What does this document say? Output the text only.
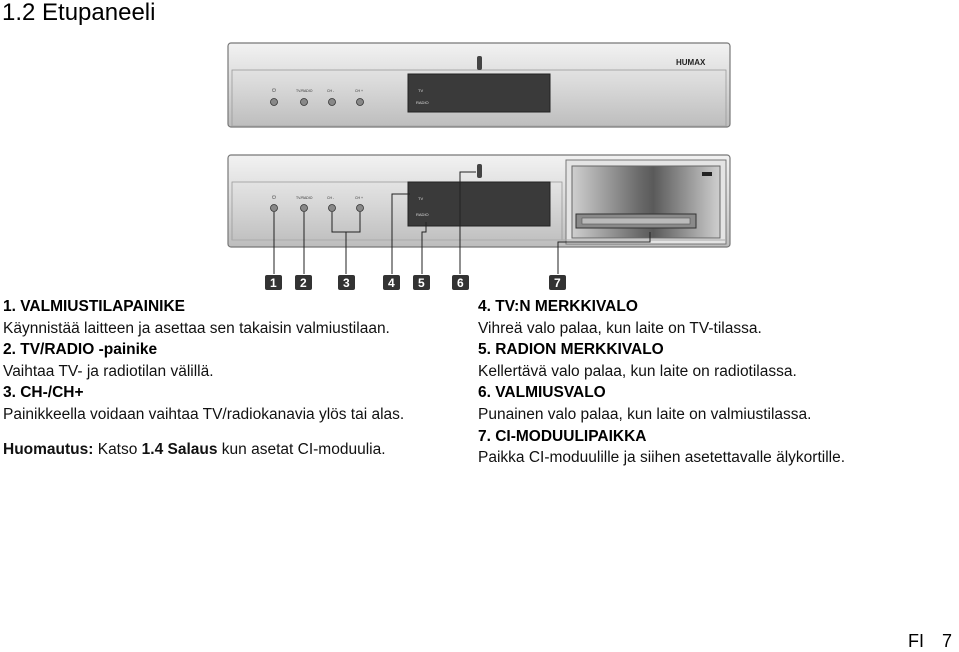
1.2 Etupaneeli
TV
RADIO
HUMAX
⏻	TV/RADIO	CH -	CH +
TV
RADIO
⏻	TV/RADIO	CH -	CH +
1 2	3	4 5	6	7
1. VALMIUSTILAPAINIKE
Käynnistää laitteen ja asettaa sen takaisin valmiustilaan.
2. TV/RADIO -painike
Vaihtaa TV- ja radiotilan välillä.
3. CH-/CH+
Painikkeella voidaan vaihtaa TV/radiokanavia ylös tai alas.
Huomautus: Katso 1.4 Salaus kun asetat CI-moduulia.
4. TV:N MERKKIVALO
Vihreä valo palaa, kun laite on TV-tilassa.
5. RADION MERKKIVALO
Kellertävä valo palaa, kun laite on radiotilassa.
6. VALMIUSVALO
Punainen valo palaa, kun laite on valmiustilassa.
7. CI-MODUULIPAIKKA
Paikka CI-moduulille ja siihen asetettavalle älykortille.
FI 7
